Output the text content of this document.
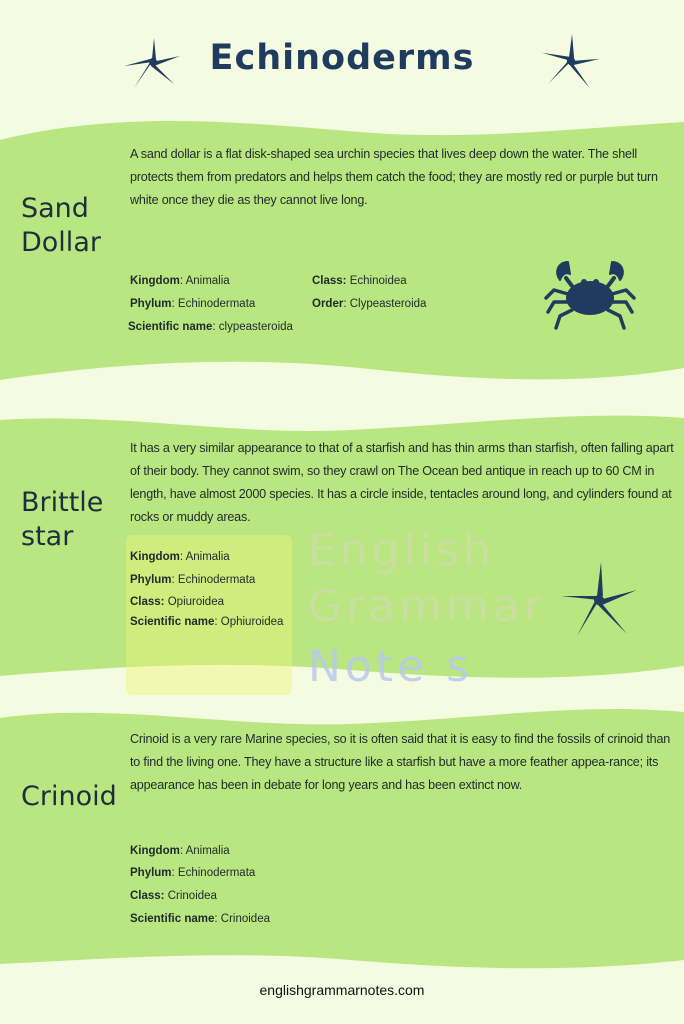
Echinoderms
English
Grammar
Note s
Sand
Dollar
A sand dollar is a flat disk-shaped sea urchin species that lives deep down the water. The shell protects them from predators and helps them catch the food; they are mostly red or purple but turn white once they die as they cannot live long.
Kingdom: Animalia
Phylum: Echinodermata
Scientific name: clypeasteroida
Class: Echinoidea
Order: Clypeasteroida
Brittle
star
It has a very similar appearance to that of a starfish and has thin arms than starfish, often falling apart of their body. They cannot swim, so they crawl on The Ocean bed antique in reach up to 60 CM in length, have almost 2000 species. It has a circle inside, tentacles around long, and cylinders found at rocks or muddy areas.
Kingdom: Animalia
Phylum: Echinodermata
Class: Opiuroidea
Scientific name: Ophiuroidea
Crinoid
Crinoid is a very rare Marine species, so it is often said that it is easy to find the fossils of crinoid than to find the living one. They have a structure like a starfish but have a more feather appea-rance; its appearance has been in debate for long years and has been extinct now.
Kingdom: Animalia
Phylum: Echinodermata
Class: Crinoidea
Scientific name: Crinoidea
englishgrammarnotes.com
